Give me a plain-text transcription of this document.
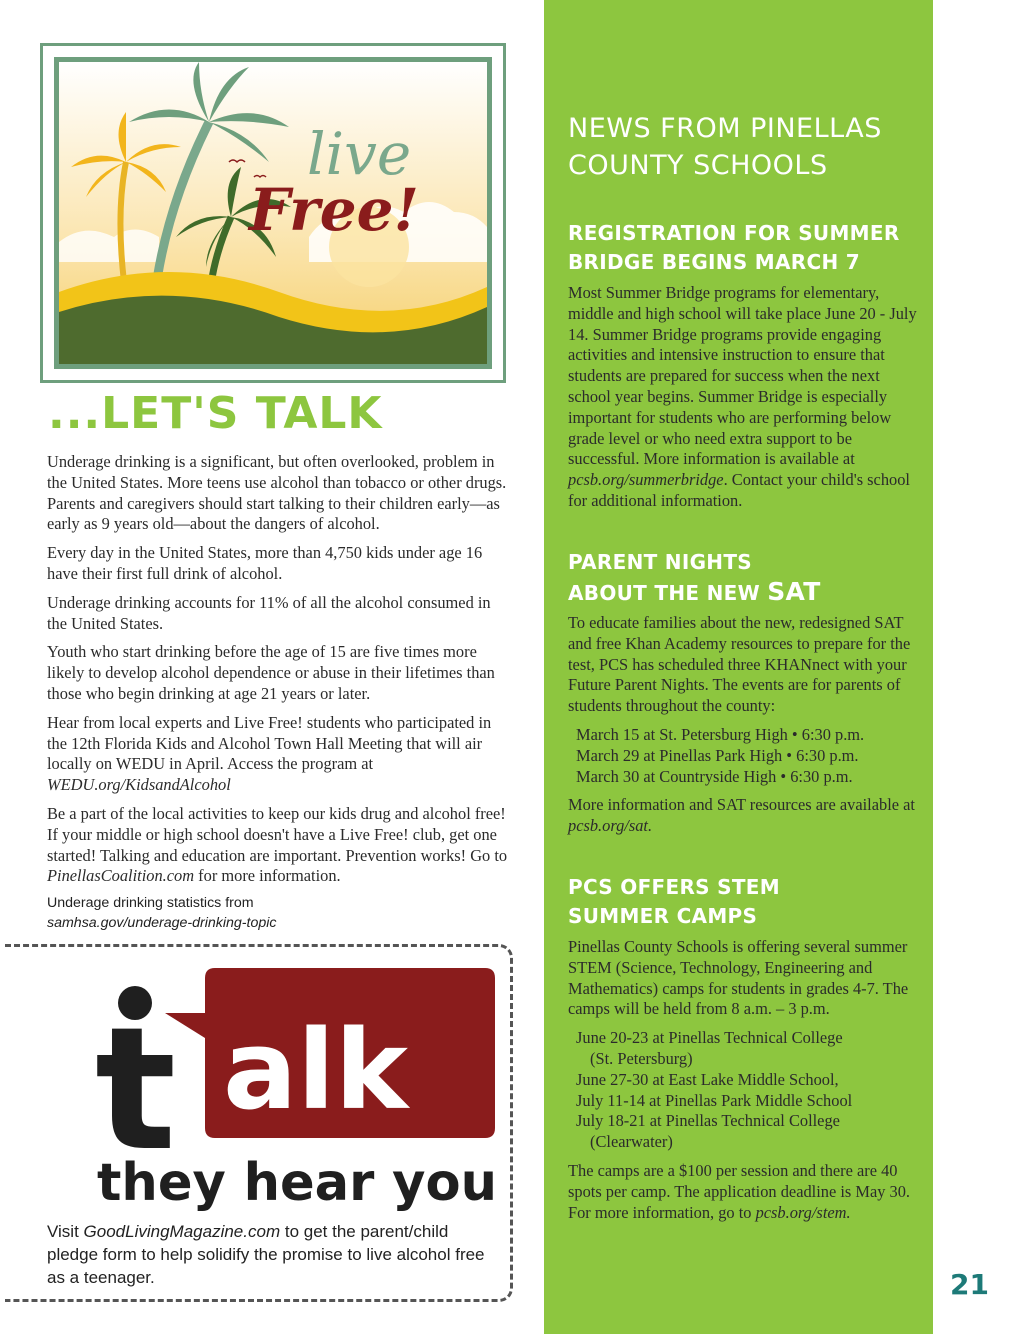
live
Free!
...LET'S TALK

Underage drinking is a significant, but often overlooked, problem in the United States. More teens use alcohol than tobacco or other drugs. Parents and caregivers should start talking to their children early—as early as 9 years old—about the dangers of alcohol.

Every day in the United States, more than 4,750 kids under age 16 have their first full drink of alcohol.

Underage drinking accounts for 11% of all the alcohol consumed in the United States.

Youth who start drinking before the age of 15 are five times more likely to develop alcohol dependence or abuse in their lifetimes than those who begin drinking at age 21 years or later.

Hear from local experts and Live Free! students who participated in the 12th Florida Kids and Alcohol Town Hall Meeting that will air locally on WEDU in April. Access the program at WEDU.org/KidsandAlcohol

Be a part of the local activities to keep our kids drug and alcohol free! If your middle or high school doesn't have a Live Free! club, get one started! Talking and education are important. Prevention works! Go to PinellasCoalition.com for more information.

Underage drinking statistics from
samhsa.gov/underage-drinking-topic
t alk
they hear you
Visit GoodLivingMagazine.com to get the parent/child pledge form to help solidify the promise to live alcohol free as a teenager.
NEWS FROM PINELLAS COUNTY SCHOOLS
REGISTRATION FOR SUMMER BRIDGE BEGINS MARCH 7
Most Summer Bridge programs for elementary, middle and high school will take place June 20 - July 14. Summer Bridge programs provide engaging activities and intensive instruction to ensure that students are prepared for success when the next school year begins. Summer Bridge is especially important for students who are performing below grade level or who need extra support to be successful. More information is available at pcsb.org/summerbridge. Contact your child's school for additional information.
PARENT NIGHTS
ABOUT THE NEW SAT

To educate families about the new, redesigned SAT and free Khan Academy resources to prepare for the test, PCS has scheduled three KHANnect with your Future Parent Nights. The events are for parents of students throughout the county:

March 15 at St. Petersburg High • 6:30 p.m.
March 29 at Pinellas Park High • 6:30 p.m.
March 30 at Countryside High • 6:30 p.m.

More information and SAT resources are available at pcsb.org/sat.

PCS OFFERS STEM
SUMMER CAMPS

Pinellas County Schools is offering several summer STEM (Science, Technology, Engineering and Mathematics) camps for students in grades 4-7. The camps will be held from 8 a.m. – 3 p.m.

June 20-23 at Pinellas Technical College
(St. Petersburg)
June 27-30 at East Lake Middle School,
July 11-14 at Pinellas Park Middle School
July 18-21 at Pinellas Technical College
(Clearwater)

The camps are a $100 per session and there are 40 spots per camp. The application deadline is May 30. For more information, go to pcsb.org/stem.

21
